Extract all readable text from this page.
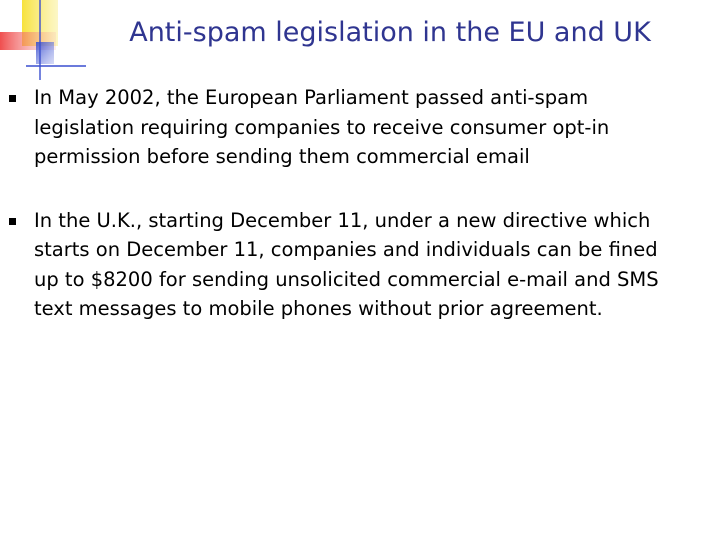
Anti-spam legislation in the EU and UK
In May 2002, the European Parliament passed anti-spam
legislation requiring companies to receive consumer opt-in
permission before sending them commercial email
In the U.K., starting December 11, under a new directive which
starts on December 11, companies and individuals can be fined
up to $8200 for sending unsolicited commercial e-mail and SMS
text messages to mobile phones without prior agreement.
